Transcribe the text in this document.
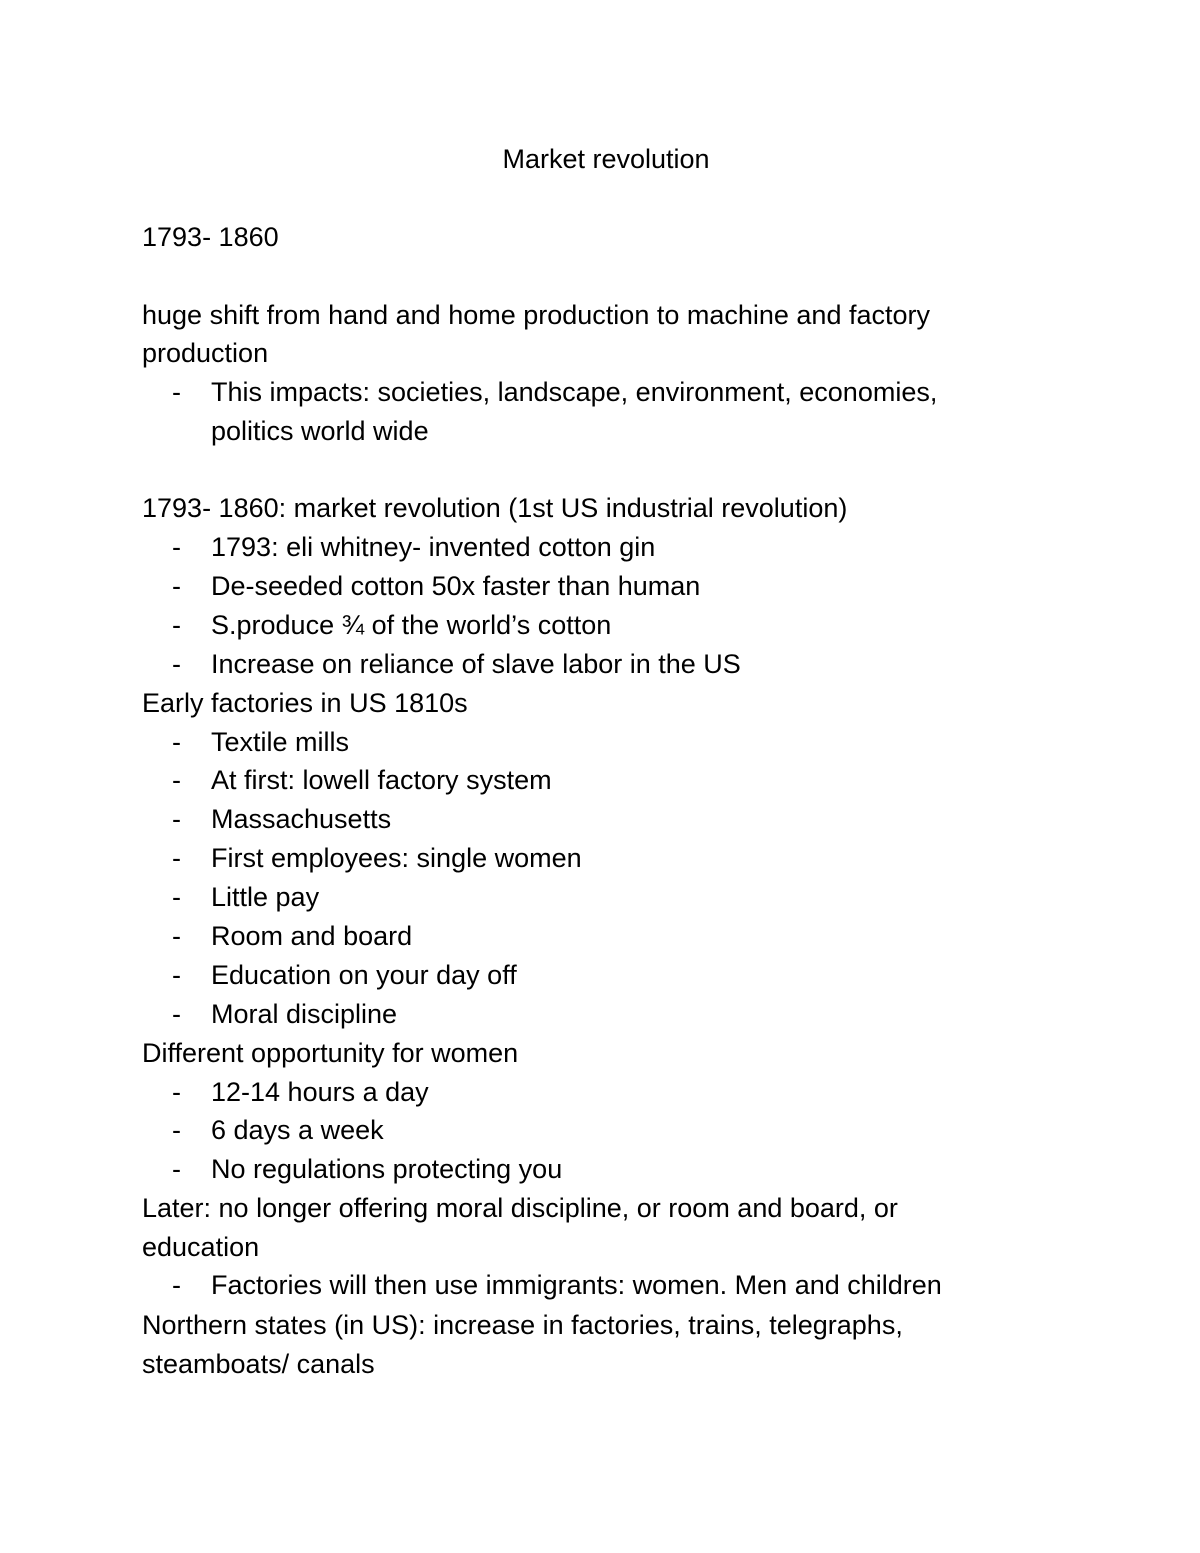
Market revolution
1793- 1860
huge shift from hand and home production to machine and factory
production
- This impacts: societies, landscape, environment, economies,
politics world wide
1793- 1860: market revolution (1st US industrial revolution)
- 1793: eli whitney- invented cotton gin
- De-seeded cotton 50x faster than human
- S.produce ¾ of the world’s cotton
- Increase on reliance of slave labor in the US
Early factories in US 1810s
- Textile mills
- At first: lowell factory system
- Massachusetts
- First employees: single women
- Little pay
- Room and board
- Education on your day off
- Moral discipline
Different opportunity for women
- 12-14 hours a day
- 6 days a week
- No regulations protecting you
Later: no longer offering moral discipline, or room and board, or
education
- Factories will then use immigrants: women. Men and children
Northern states (in US): increase in factories, trains, telegraphs,
steamboats/ canals
